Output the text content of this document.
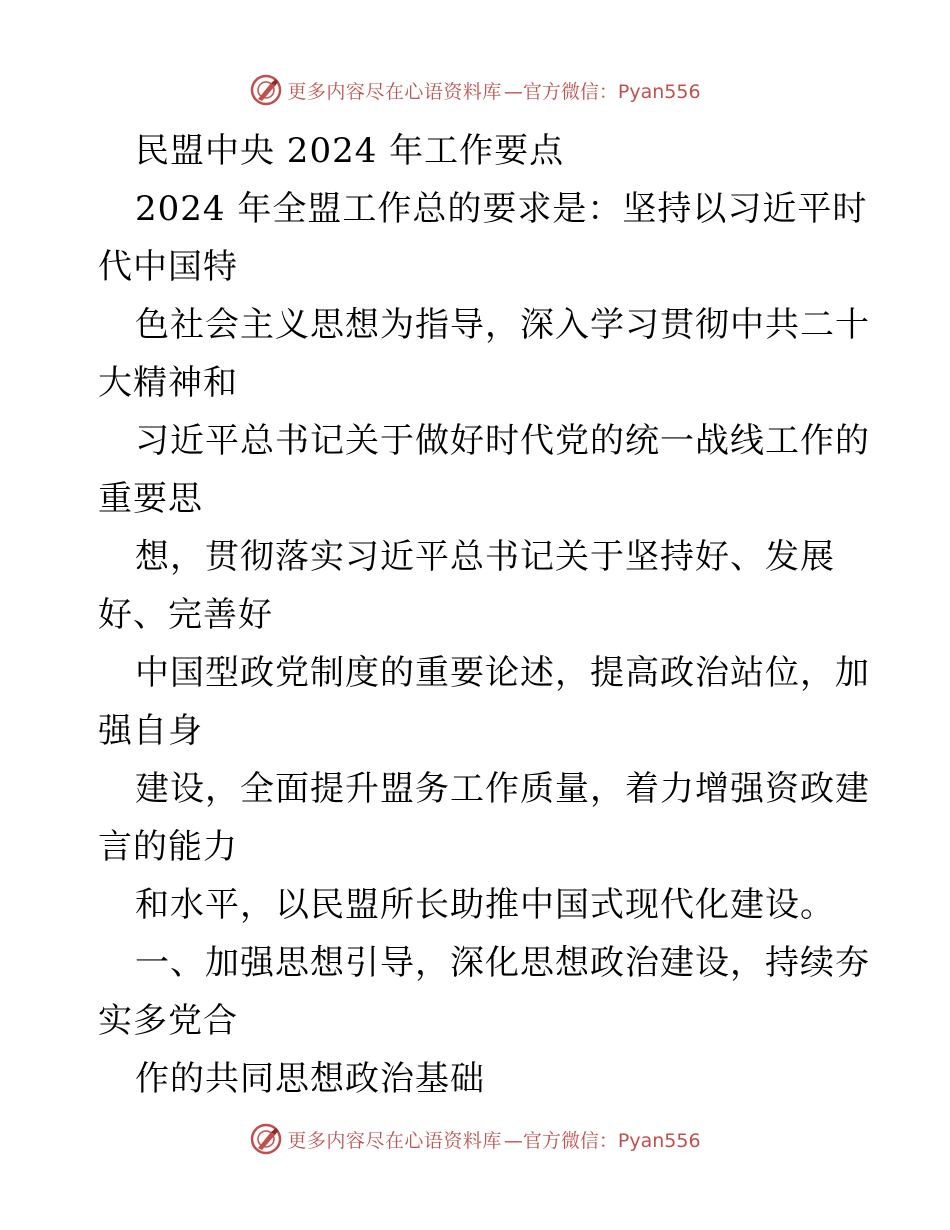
更多内容尽在心语资料库 —官方微信：Pyan556

民盟中央 2024 年工作要点

2024 年全盟工作总的要求是：坚持以习近平时
代中国特

色社会主义思想为指导，深入学习贯彻中共二十
大精神和

习近平总书记关于做好时代党的统一战线工作的
重要思

想，贯彻落实习近平总书记关于坚持好、发展
好、完善好

中国型政党制度的重要论述，提高政治站位，加
强自身

建设，全面提升盟务工作质量，着力增强资政建
言的能力

和水平，以民盟所长助推中国式现代化建设。

一、加强思想引导，深化思想政治建设，持续夯
实多党合

作的共同思想政治基础

更多内容尽在心语资料库 —官方微信：Pyan556
